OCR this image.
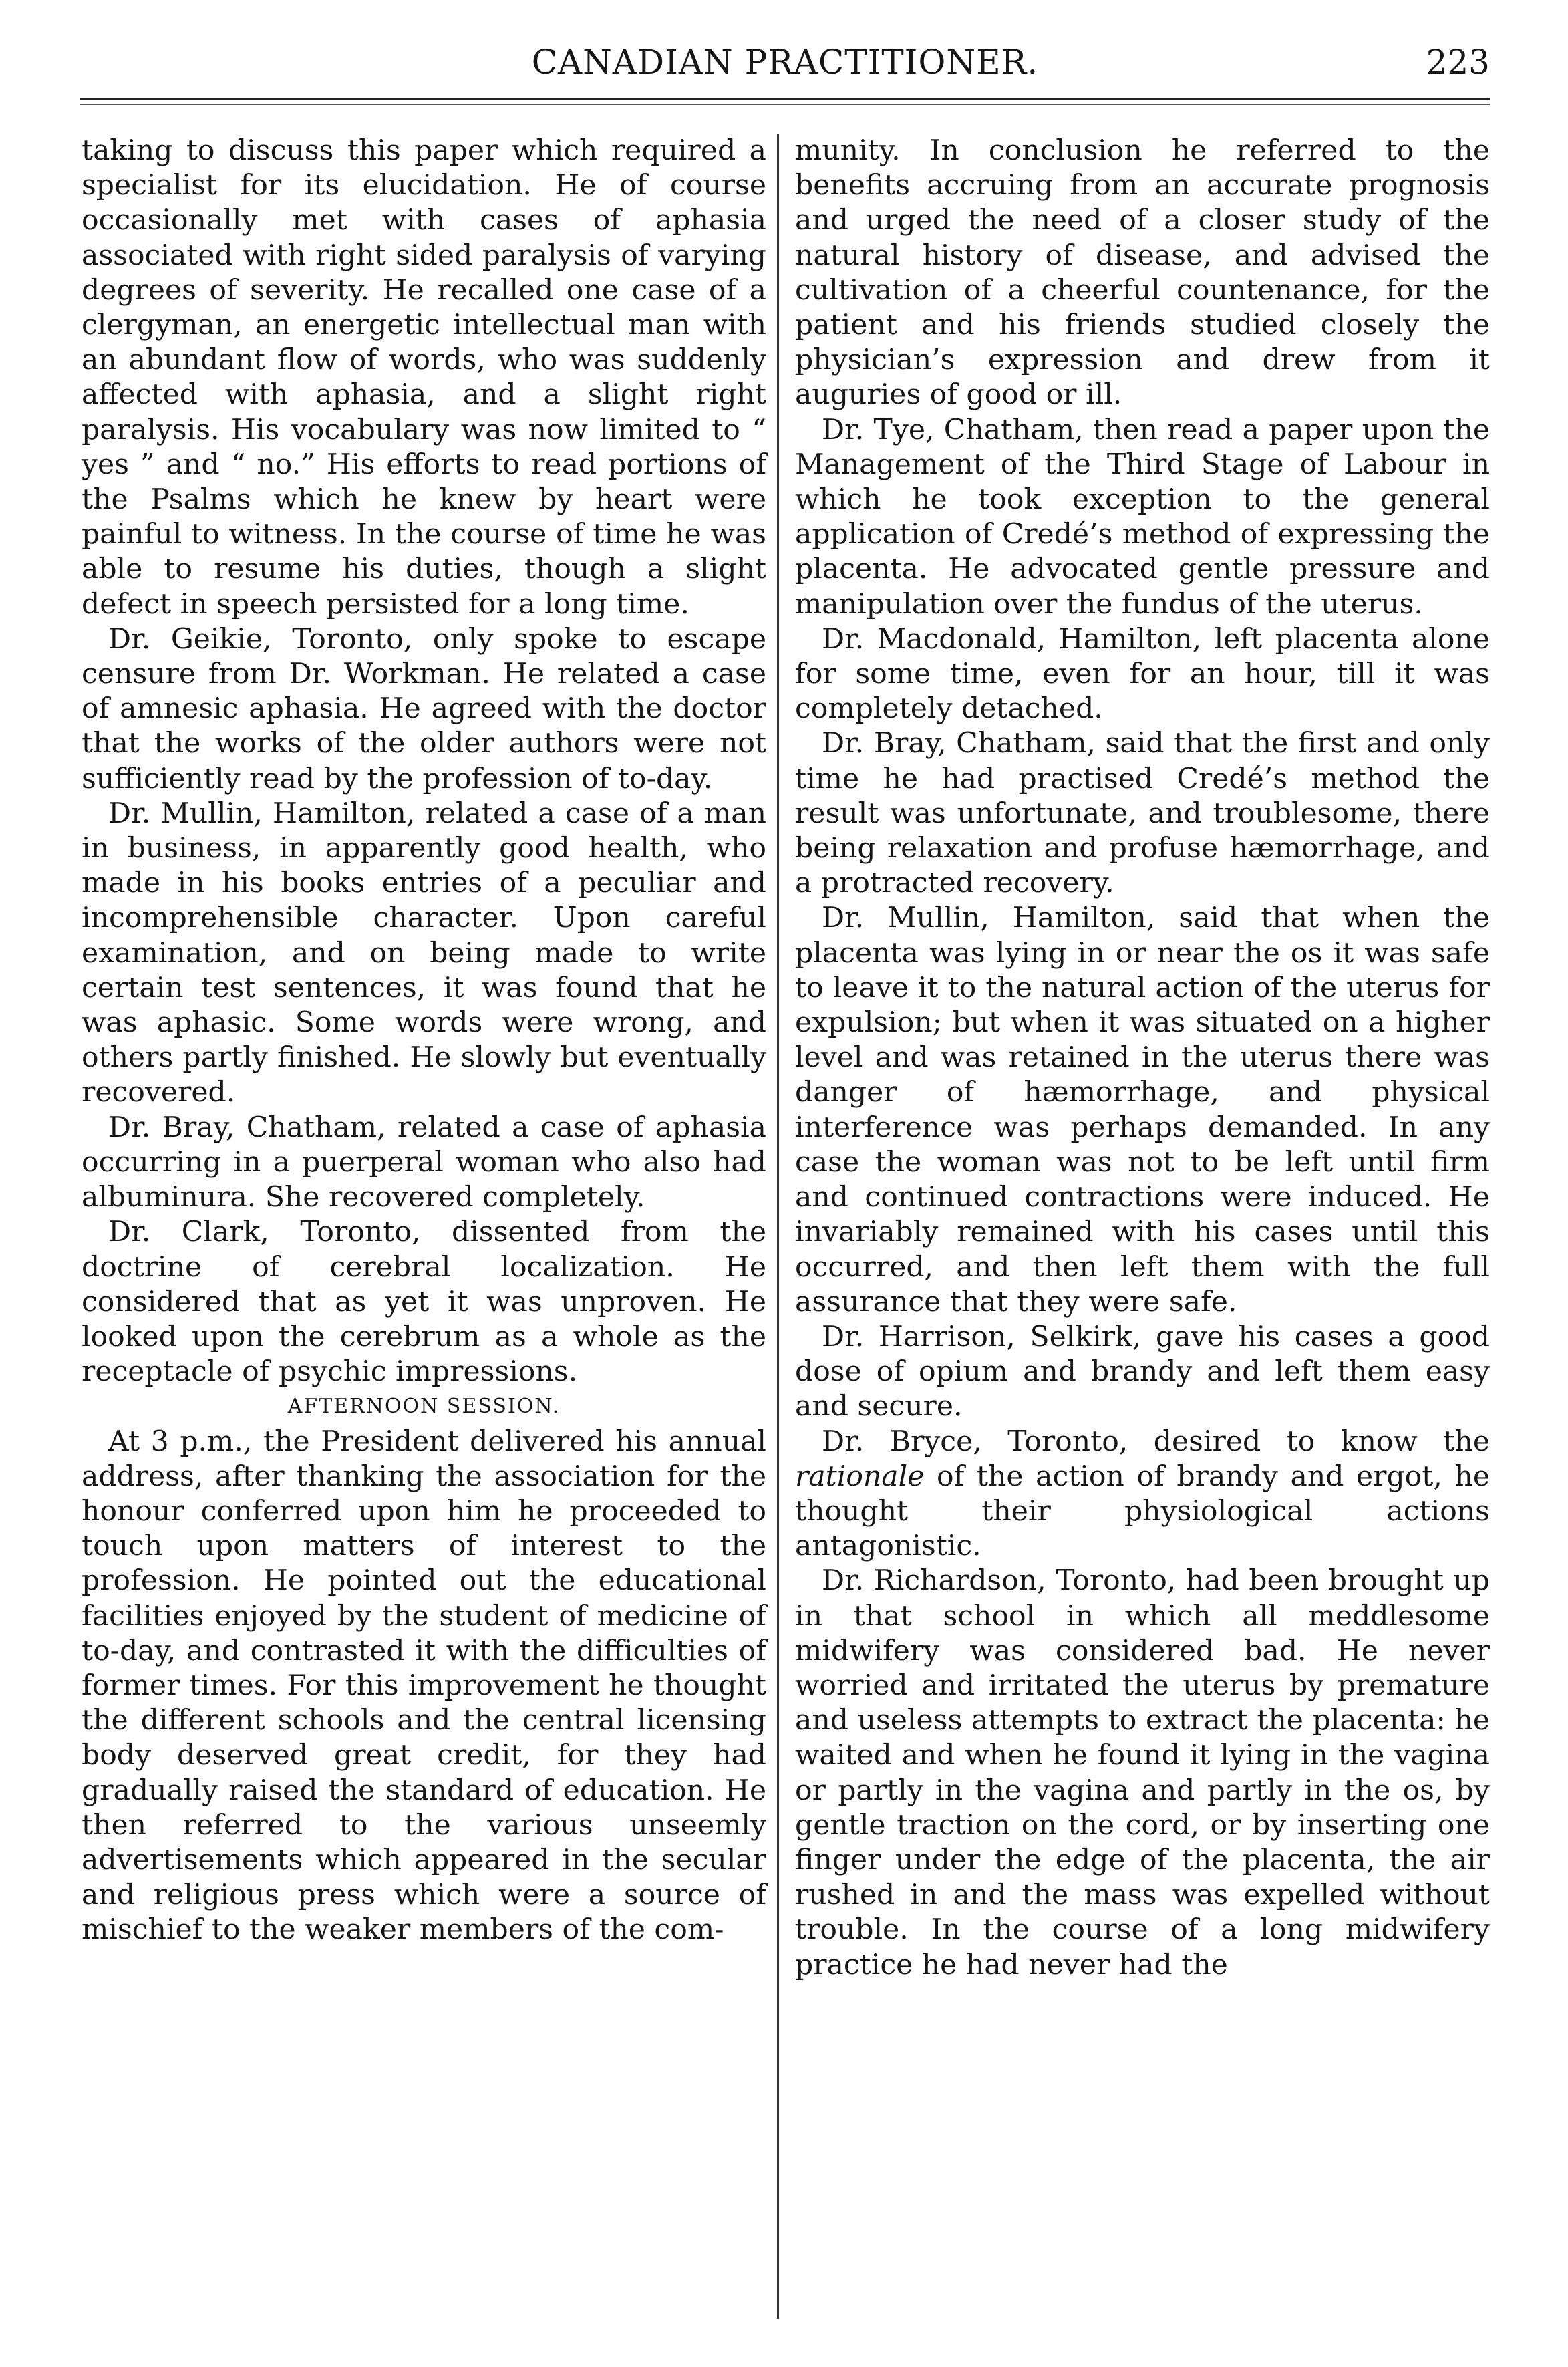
CANADIAN PRACTITIONER.	223

taking to discuss this paper which required a specialist for its elucidation. He of course occasionally met with cases of aphasia associated with right sided paralysis of varying degrees of severity. He recalled one case of a clergyman, an energetic intellectual man with an abundant flow of words, who was suddenly affected with aphasia, and a slight right paralysis. His vocabulary was now limited to “ yes ” and “ no.” His efforts to read portions of the Psalms which he knew by heart were painful to witness. In the course of time he was able to resume his duties, though a slight defect in speech persisted for a long time.

Dr. Geikie, Toronto, only spoke to escape censure from Dr. Workman. He related a case of amnesic aphasia. He agreed with the doctor that the works of the older authors were not sufficiently read by the profession of to-day.

Dr. Mullin, Hamilton, related a case of a man in business, in apparently good health, who made in his books entries of a peculiar and incomprehensible character. Upon careful examination, and on being made to write certain test sentences, it was found that he was aphasic. Some words were wrong, and others partly finished. He slowly but eventually recovered.

Dr. Bray, Chatham, related a case of aphasia occurring in a puerperal woman who also had albuminura. She recovered completely.

Dr. Clark, Toronto, dissented from the doctrine of cerebral localization. He considered that as yet it was unproven. He looked upon the cerebrum as a whole as the receptacle of psychic impressions.

AFTERNOON SESSION.

At 3 p.m., the President delivered his annual address, after thanking the association for the honour conferred upon him he proceeded to touch upon matters of interest to the profession. He pointed out the educational facilities enjoyed by the student of medicine of to-day, and contrasted it with the difficulties of former times. For this improvement he thought the different schools and the central licensing body deserved great credit, for they had gradually raised the standard of education. He then referred to the various unseemly advertisements which appeared in the secular and religious press which were a source of mischief to the weaker members of the com-

munity. In conclusion he referred to the benefits accruing from an accurate prognosis and urged the need of a closer study of the natural history of disease, and advised the cultivation of a cheerful countenance, for the patient and his friends studied closely the physician’s expression and drew from it auguries of good or ill.

Dr. Tye, Chatham, then read a paper upon the Management of the Third Stage of Labour in which he took exception to the general application of Credé’s method of expressing the placenta. He advocated gentle pressure and manipulation over the fundus of the uterus.

Dr. Macdonald, Hamilton, left placenta alone for some time, even for an hour, till it was completely detached.

Dr. Bray, Chatham, said that the first and only time he had practised Credé’s method the result was unfortunate, and troublesome, there being relaxation and profuse hæmorrhage, and a protracted recovery.

Dr. Mullin, Hamilton, said that when the placenta was lying in or near the os it was safe to leave it to the natural action of the uterus for expulsion; but when it was situated on a higher level and was retained in the uterus there was danger of hæmorrhage, and physical interference was perhaps demanded. In any case the woman was not to be left until firm and continued contractions were induced. He invariably remained with his cases until this occurred, and then left them with the full assurance that they were safe.

Dr. Harrison, Selkirk, gave his cases a good dose of opium and brandy and left them easy and secure.

Dr. Bryce, Toronto, desired to know the rationale of the action of brandy and ergot, he thought their physiological actions antagonistic.

Dr. Richardson, Toronto, had been brought up in that school in which all meddlesome midwifery was considered bad. He never worried and irritated the uterus by premature and useless attempts to extract the placenta: he waited and when he found it lying in the vagina or partly in the vagina and partly in the os, by gentle traction on the cord, or by inserting one finger under the edge of the placenta, the air rushed in and the mass was expelled without trouble. In the course of a long midwifery practice he had never had the
